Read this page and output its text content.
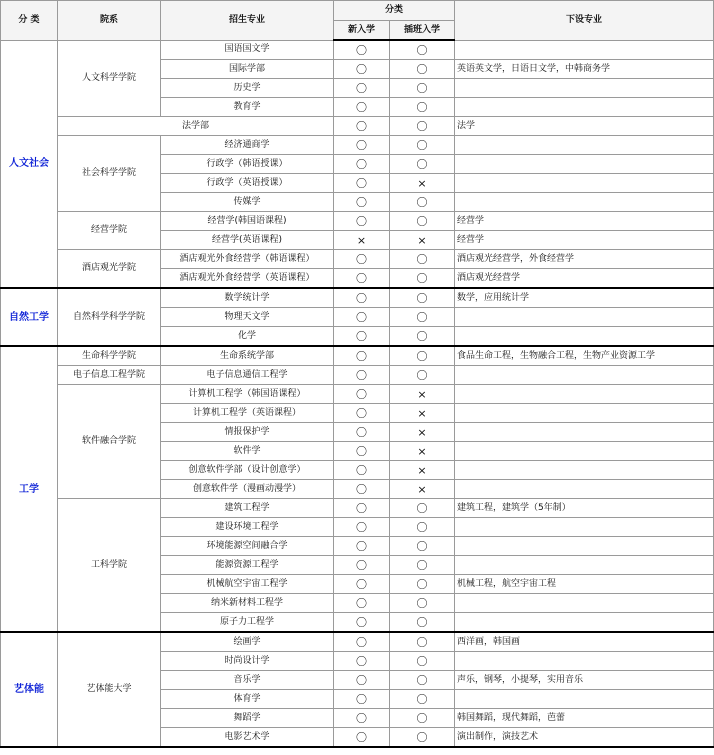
分 类	院系	招生专业	分类		下设专业
			新入学	插班入学	
人文社会	人文科学学院	国语国文学	〇	〇	
		国际学部	〇	〇	英语英文学，日语日文学，中韩商务学
		历史学	〇	〇	
		教育学	〇	〇	
	法学部		〇	〇	法学
	社会科学学院	经济通商学	〇	〇	
		行政学（韩语授课）	〇	〇	
		行政学（英语授课）	〇	×	
		传媒学	〇	〇	
	经营学院	经营学(韩国语课程)	〇	〇	经营学
		经营学(英语课程)	×	×	经营学
	酒店观光学院	酒店观光外食经营学（韩语课程）	〇	〇	酒店观光经营学，外食经营学
		酒店观光外食经营学（英语课程）	〇	〇	酒店观光经营学
自然工学	自然科学科学学院	数学统计学	〇	〇	数学，应用统计学
		物理天文学	〇	〇	
		化学	〇	〇	
工学	生命科学学院	生命系统学部	〇	〇	食品生命工程，生物融合工程，生物产业资源工学
	电子信息工程学院	电子信息通信工程学	〇	〇	
	软件融合学院	计算机工程学（韩国语课程）	〇	×	
		计算机工程学（英语课程）	〇	×	
		情报保护学	〇	×	
		软件学	〇	×	
		创意软件学部（设计创意学）	〇	×	
		创意软件学（漫画动漫学）	〇	×	
	工科学院	建筑工程学	〇	〇	建筑工程，建筑学（5年制）
		建设环境工程学	〇	〇	
		环境能源空间融合学	〇	〇	
		能源资源工程学	〇	〇	
		机械航空宇宙工程学	〇	〇	机械工程，航空宇宙工程
		纳米新材料工程学	〇	〇	
		原子力工程学	〇	〇	
艺体能	艺体能大学	绘画学	〇	〇	西洋画，韩国画
		时尚设计学	〇	〇	
		音乐学	〇	〇	声乐，钢琴，小提琴，实用音乐
		体育学	〇	〇	
		舞蹈学	〇	〇	韩国舞蹈，现代舞蹈，芭蕾
		电影艺术学	〇	〇	演出制作，演技艺术
